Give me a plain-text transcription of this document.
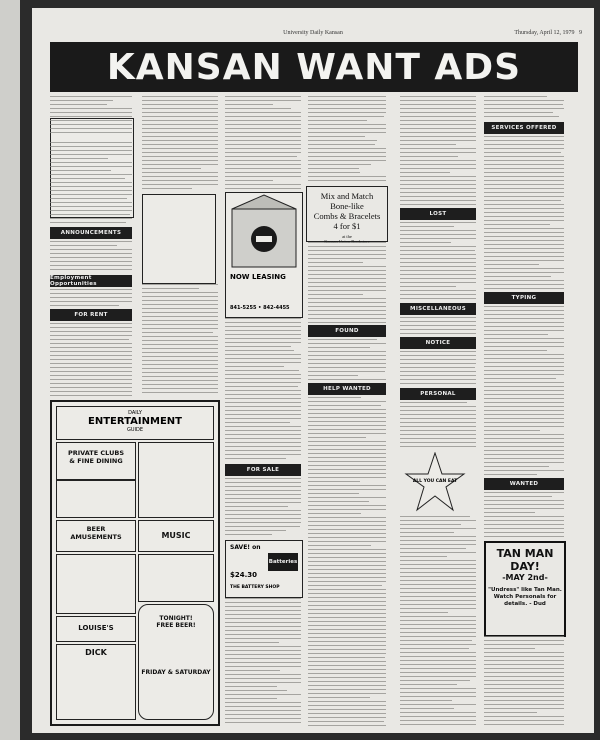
University Daily Kansan	Thursday, April 12, 1979 9
KANSAN WANT ADS
ANNOUNCEMENTS
Employment Opportunities
FOR RENT
DAILY
ENTERTAINMENT
GUIDE
PRIVATE CLUBS
& FINE DINING
BEER
AMUSEMENTS	MUSIC
LOUISE'S
DICK
TONIGHT!
FREE BEER!
FRIDAY & SATURDAY
NOW LEASING
841-5255 • 842-4455
FOR SALE
SAVE! on
$24.30
Batteries
THE BATTERY SHOP
Mix and Match
Bone-like
Combs & Bracelets
4 for $1
at the
FOUND
HELP WANTED
LOST
MISCELLANEOUS
NOTICE
PERSONAL
ALL YOU CAN EAT
SERVICES OFFERED
TYPING
WANTED
TAN MAN
DAY!
-MAY 2nd-
"Undress" like Tan Man. Watch Personals for details. - Dud
